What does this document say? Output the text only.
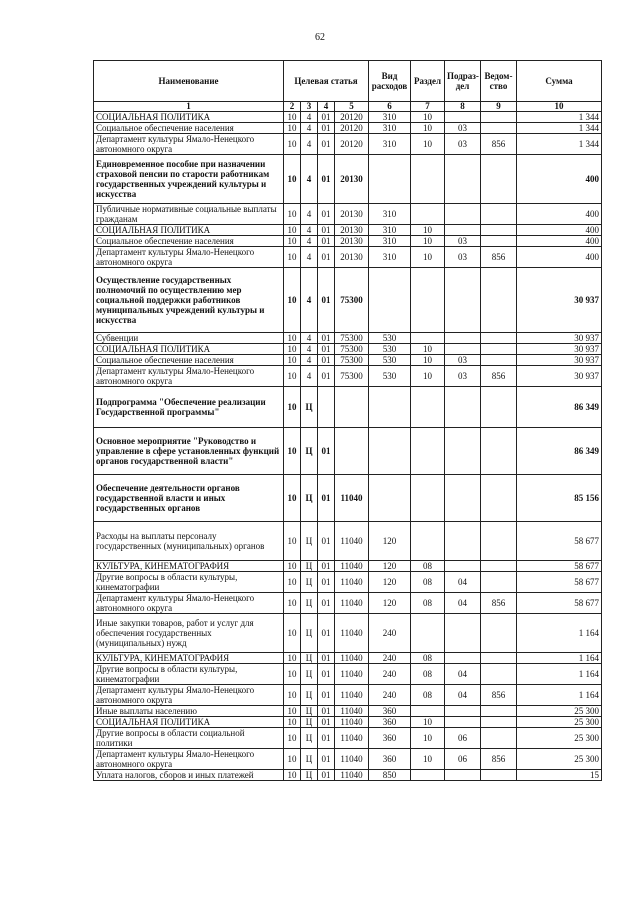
62
Наименование	Целевая статья				Вид расходов	Раздел	Подраз-дел	Ведом-ство	Сумма
1	2	3	4	5	6	7	8	9	10
СОЦИАЛЬНАЯ ПОЛИТИКА	10	4	01	20120	310	10			1 344
Социальное обеспечение населения	10	4	01	20120	310	10	03		1 344
Департамент культуры Ямало-Ненецкого автономного округа	10	4	01	20120	310	10	03	856	1 344
Единовременное пособие при назначении страховой пенсии по старости работникам государственных учреждений культуры и искусства	10	4	01	20130					400
Публичные нормативные социальные выплаты гражданам	10	4	01	20130	310				400
СОЦИАЛЬНАЯ ПОЛИТИКА	10	4	01	20130	310	10			400
Социальное обеспечение населения	10	4	01	20130	310	10	03		400
Департамент культуры Ямало-Ненецкого автономного округа	10	4	01	20130	310	10	03	856	400
Осуществление государственных полномочий по осуществлению мер социальной поддержки работников муниципальных учреждений культуры и искусства	10	4	01	75300					30 937
Субвенции	10	4	01	75300	530				30 937
СОЦИАЛЬНАЯ ПОЛИТИКА	10	4	01	75300	530	10			30 937
Социальное обеспечение населения	10	4	01	75300	530	10	03		30 937
Департамент культуры Ямало-Ненецкого автономного округа	10	4	01	75300	530	10	03	856	30 937
Подпрограмма "Обеспечение реализации Государственной программы"	10	Ц							86 349
Основное мероприятие "Руководство и управление в сфере установленных функций органов государственной власти"	10	Ц	01						86 349
Обеспечение деятельности органов государственной власти и иных государственных органов	10	Ц	01	11040					85 156
Расходы на выплаты персоналу государственных (муниципальных) органов	10	Ц	01	11040	120				58 677
КУЛЬТУРА, КИНЕМАТОГРАФИЯ	10	Ц	01	11040	120	08			58 677
Другие вопросы в области культуры, кинематографии	10	Ц	01	11040	120	08	04		58 677
Департамент культуры Ямало-Ненецкого автономного округа	10	Ц	01	11040	120	08	04	856	58 677
Иные закупки товаров, работ и услуг для обеспечения государственных (муниципальных) нужд	10	Ц	01	11040	240				1 164
КУЛЬТУРА, КИНЕМАТОГРАФИЯ	10	Ц	01	11040	240	08			1 164
Другие вопросы в области культуры, кинематографии	10	Ц	01	11040	240	08	04		1 164
Департамент культуры Ямало-Ненецкого автономного округа	10	Ц	01	11040	240	08	04	856	1 164
Иные выплаты населению	10	Ц	01	11040	360				25 300
СОЦИАЛЬНАЯ ПОЛИТИКА	10	Ц	01	11040	360	10			25 300
Другие вопросы в области социальной политики	10	Ц	01	11040	360	10	06		25 300
Департамент культуры Ямало-Ненецкого автономного округа	10	Ц	01	11040	360	10	06	856	25 300
Уплата налогов, сборов и иных платежей	10	Ц	01	11040	850				15
